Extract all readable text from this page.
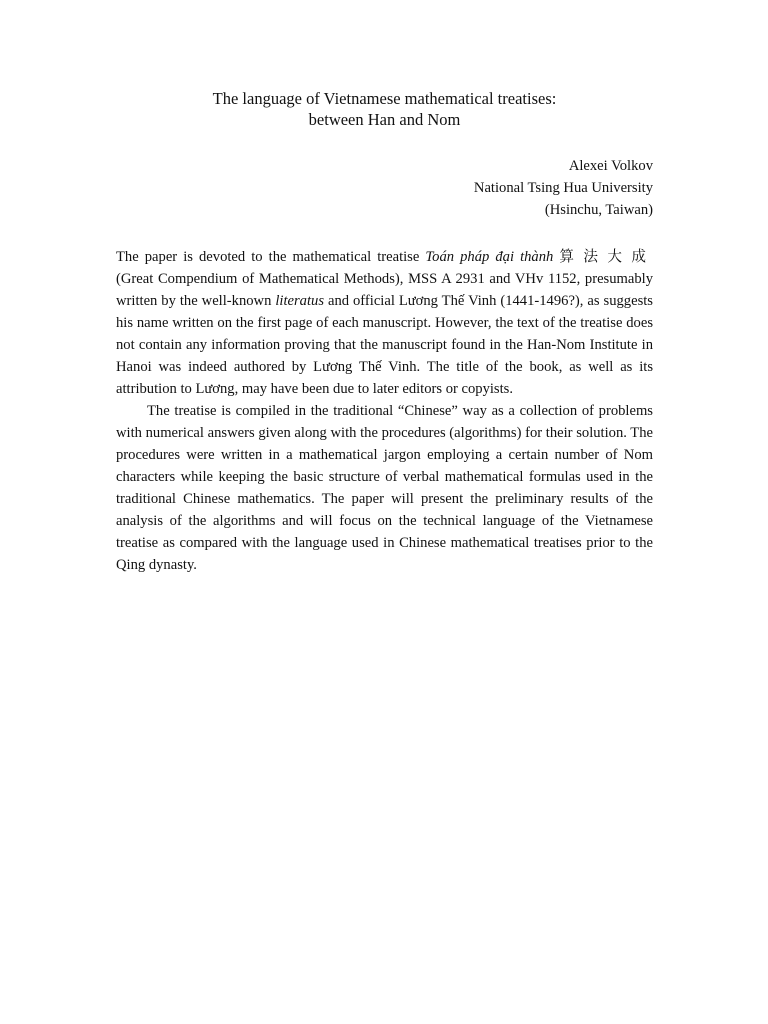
The language of Vietnamese mathematical treatises:
between Han and Nom
Alexei Volkov
National Tsing Hua University
(Hsinchu, Taiwan)

The paper is devoted to the mathematical treatise Toán pháp đại thành 算法大成 (Great Compendium of Mathematical Methods), MSS A 2931 and VHv 1152, presumably written by the well-known literatus and official Lương Thế Vinh (1441-1496?), as suggests his name written on the first page of each manuscript. However, the text of the treatise does not contain any information proving that the manuscript found in the Han-Nom Institute in Hanoi was indeed authored by Lương Thế Vinh. The title of the book, as well as its attribution to Lương, may have been due to later editors or copyists.

The treatise is compiled in the traditional “Chinese” way as a collection of problems with numerical answers given along with the procedures (algorithms) for their solution. The procedures were written in a mathematical jargon employing a certain number of Nom characters while keeping the basic structure of verbal mathematical formulas used in the traditional Chinese mathematics. The paper will present the preliminary results of the analysis of the algorithms and will focus on the technical language of the Vietnamese treatise as compared with the language used in Chinese mathematical treatises prior to the Qing dynasty.
